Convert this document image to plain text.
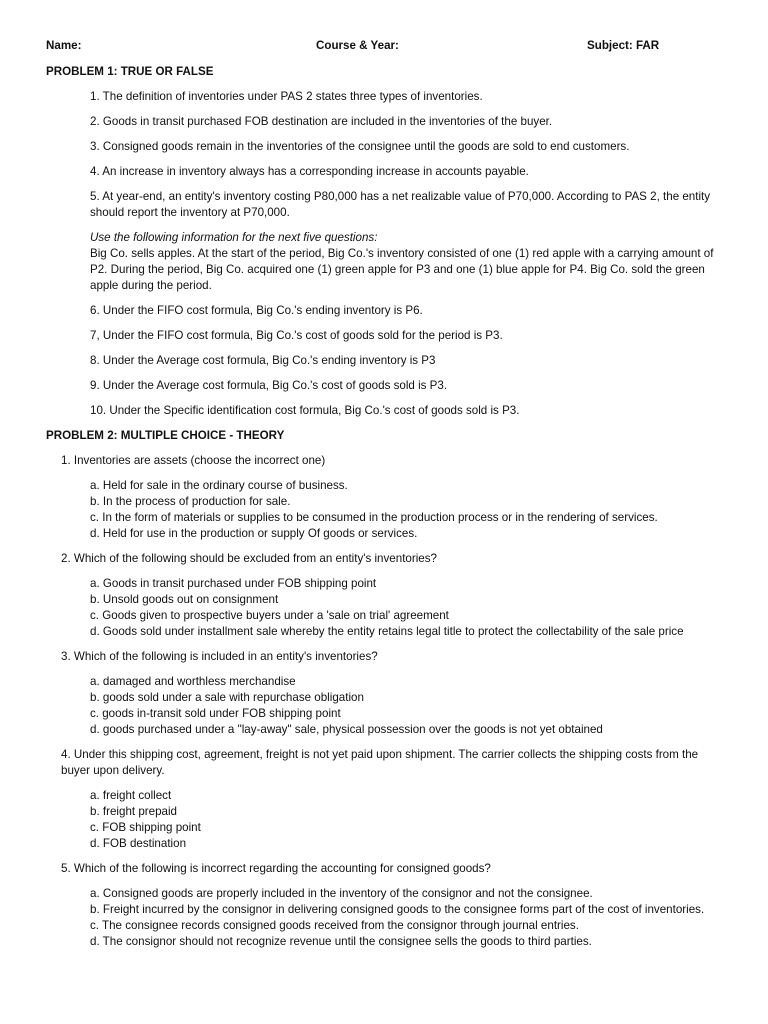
Name:	Course & Year:	Subject: FAR
PROBLEM 1: TRUE OR FALSE
1. The definition of inventories under PAS 2 states three types of inventories.
2. Goods in transit purchased FOB destination are included in the inventories of the buyer.
3. Consigned goods remain in the inventories of the consignee until the goods are sold to end customers.
4. An increase in inventory always has a corresponding increase in accounts payable.
5. At year-end, an entity's inventory costing P80,000 has a net realizable value of P70,000. According to PAS 2, the entity should report the inventory at P70,000.
Use the following information for the next five questions:
Big Co. sells apples. At the start of the period, Big Co.'s inventory consisted of one (1) red apple with a carrying amount of P2. During the period, Big Co. acquired one (1) green apple for P3 and one (1) blue apple for P4. Big Co. sold the green apple during the period.
6. Under the FIFO cost formula, Big Co.'s ending inventory is P6.
7, Under the FIFO cost formula, Big Co.'s cost of goods sold for the period is P3.
8. Under the Average cost formula, Big Co.'s ending inventory is P3
9. Under the Average cost formula, Big Co.'s cost of goods sold is P3.
10. Under the Specific identification cost formula, Big Co.'s cost of goods sold is P3.
PROBLEM 2: MULTIPLE CHOICE - THEORY
1. Inventories are assets (choose the incorrect one)
a. Held for sale in the ordinary course of business.
b. In the process of production for sale.
c. In the form of materials or supplies to be consumed in the production process or in the rendering of services.
d. Held for use in the production or supply Of goods or services.
2. Which of the following should be excluded from an entity's inventories?
a. Goods in transit purchased under FOB shipping point
b. Unsold goods out on consignment
c. Goods given to prospective buyers under a 'sale on trial' agreement
d. Goods sold under installment sale whereby the entity retains legal title to protect the collectability of the sale price
3. Which of the following is included in an entity's inventories?
a. damaged and worthless merchandise
b. goods sold under a sale with repurchase obligation
c. goods in-transit sold under FOB shipping point
d. goods purchased under a "lay-away" sale, physical possession over the goods is not yet obtained
4. Under this shipping cost, agreement, freight is not yet paid upon shipment. The carrier collects the shipping costs from the buyer upon delivery.
a. freight collect
b. freight prepaid
c. FOB shipping point
d. FOB destination
5. Which of the following is incorrect regarding the accounting for consigned goods?
a. Consigned goods are properly included in the inventory of the consignor and not the consignee.
b. Freight incurred by the consignor in delivering consigned goods to the consignee forms part of the cost of inventories.
c. The consignee records consigned goods received from the consignor through journal entries.
d. The consignor should not recognize revenue until the consignee sells the goods to third parties.
